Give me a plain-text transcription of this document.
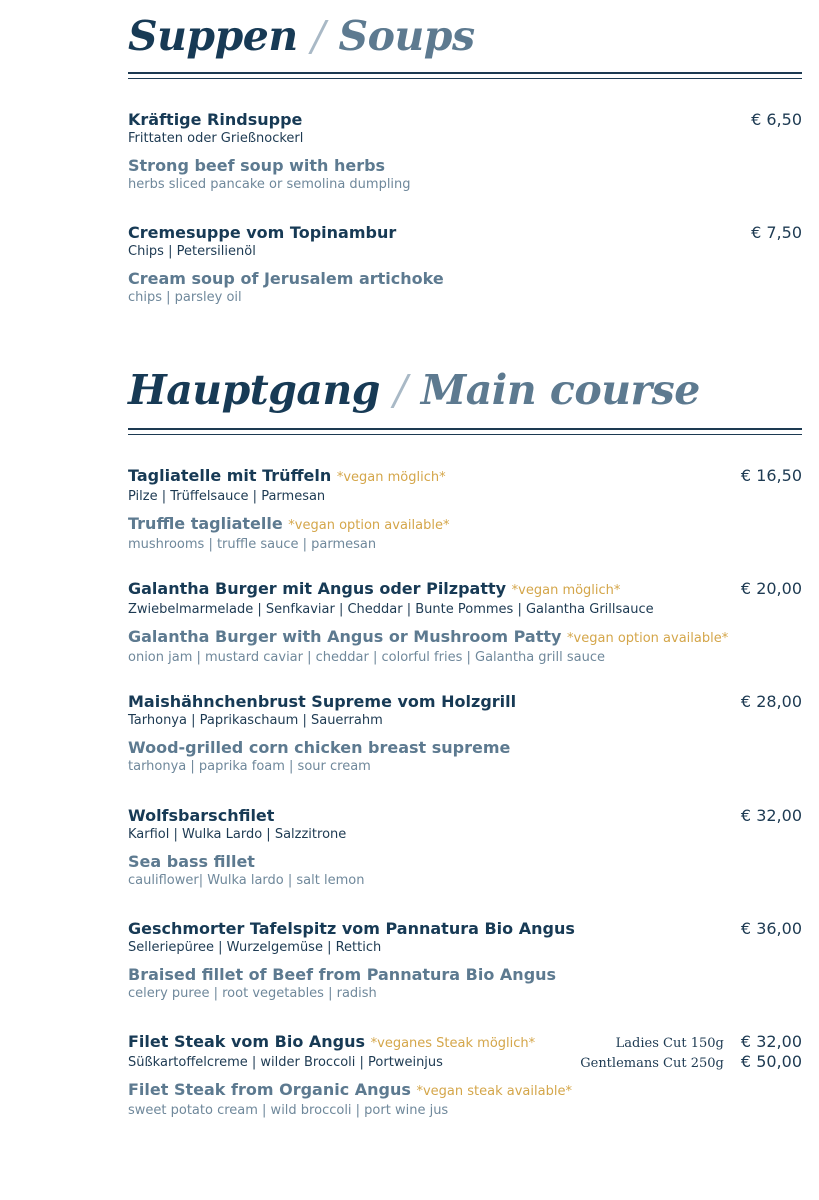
Suppen / Soups
Kräftige Rindsuppe
Frittaten oder Grießnockerl
Strong beef soup with herbs
herbs sliced pancake or semolina dumpling
€ 6,50
Cremesuppe vom Topinambur
Chips | Petersilienöl
Cream soup of Jerusalem artichoke
chips | parsley oil
€ 7,50
Hauptgang / Main course
Tagliatelle mit Trüffeln *vegan möglich*
Pilze | Trüffelsauce | Parmesan
Truffle tagliatelle *vegan option available*
mushrooms | truffle sauce | parmesan
€ 16,50
Galantha Burger mit Angus oder Pilzpatty *vegan möglich*
Zwiebelmarmelade | Senfkaviar | Cheddar | Bunte Pommes | Galantha Grillsauce
Galantha Burger with Angus or Mushroom Patty *vegan option available*
onion jam | mustard caviar | cheddar | colorful fries | Galantha grill sauce
€ 20,00
Maishähnchenbrust Supreme vom Holzgrill
Tarhonya | Paprikaschaum | Sauerrahm
Wood-grilled corn chicken breast supreme
tarhonya | paprika foam | sour cream
€ 28,00
Wolfsbarschfilet
Karfiol | Wulka Lardo | Salzzitrone
Sea bass fillet
cauliflower| Wulka lardo | salt lemon
€ 32,00
Geschmorter Tafelspitz vom Pannatura Bio Angus
Selleriepüree | Wurzelgemüse | Rettich
Braised fillet of Beef from Pannatura Bio Angus
celery puree | root vegetables | radish
€ 36,00
Filet Steak vom Bio Angus *veganes Steak möglich*
Süßkartoffelcreme | wilder Broccoli | Portweinjus
Filet Steak from Organic Angus *vegan steak available*
sweet potato cream | wild broccoli | port wine jus
Ladies Cut 150g € 32,00
Gentlemans Cut 250g € 50,00
